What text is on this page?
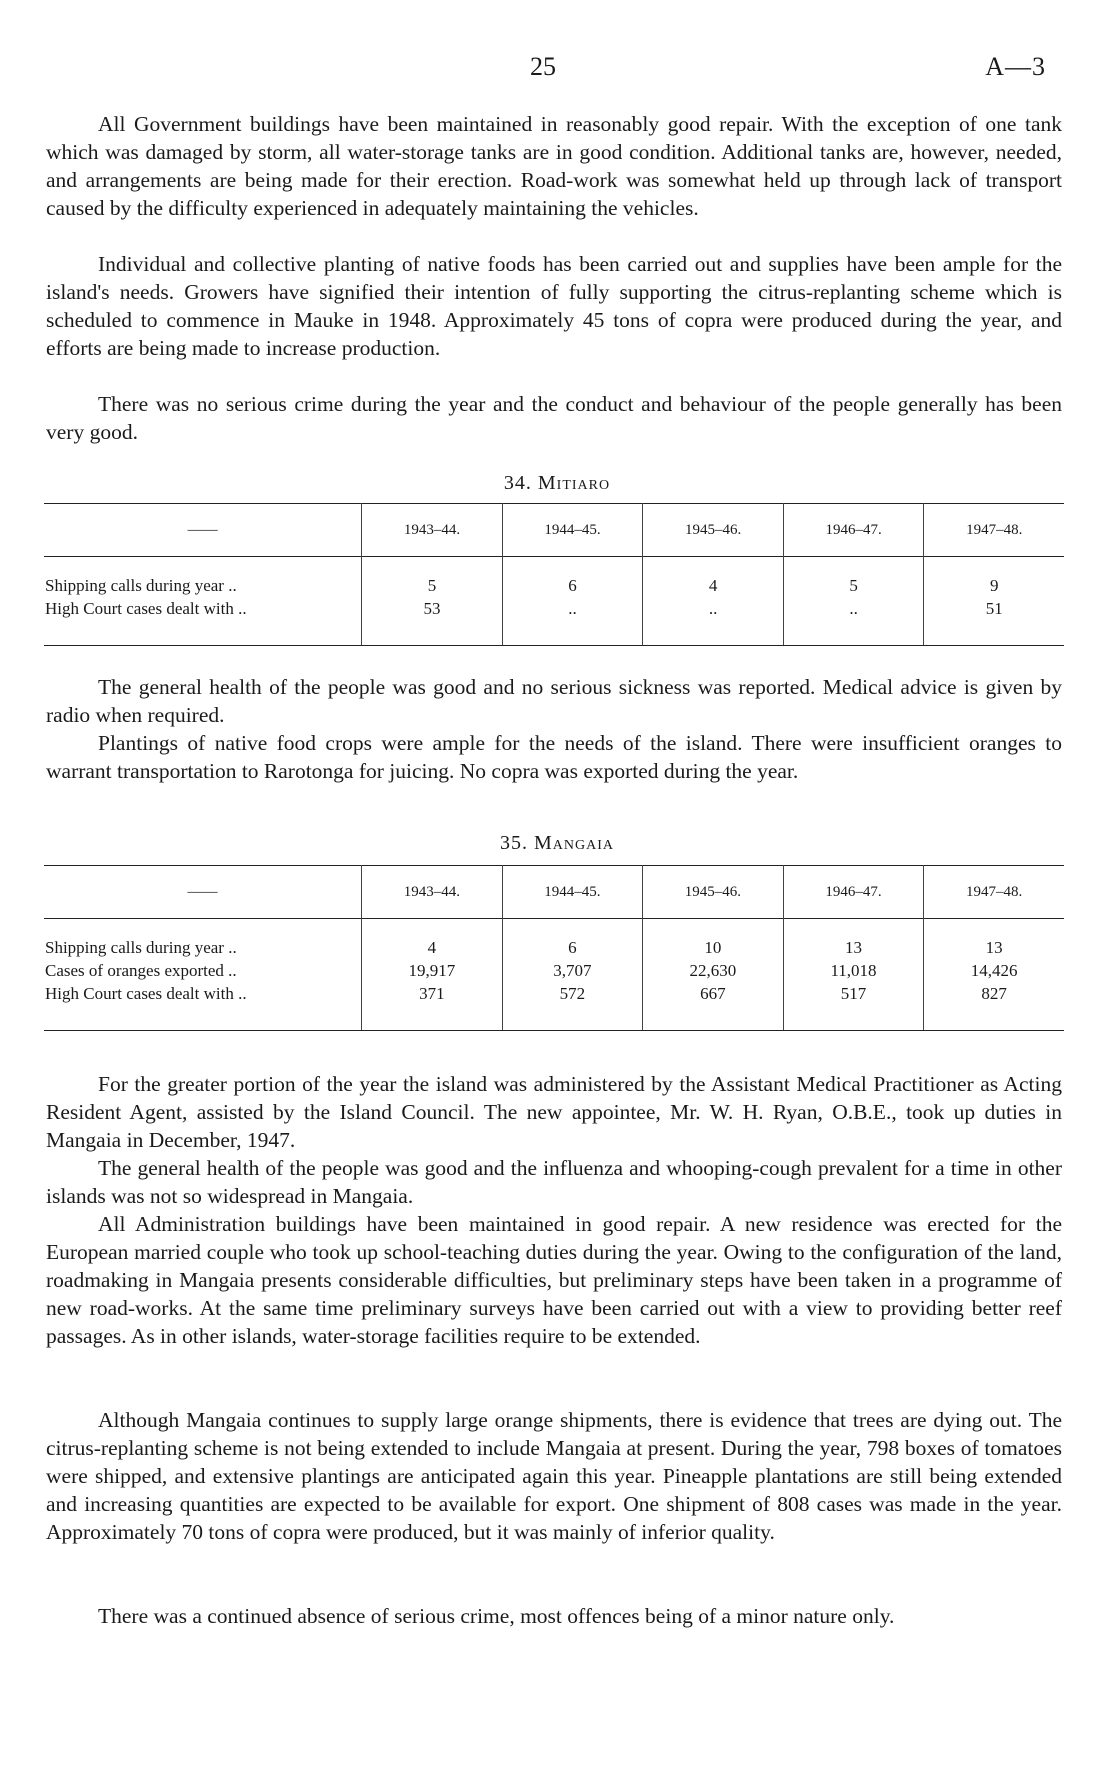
25	A—3

All Government buildings have been maintained in reasonably good repair. With the exception of one tank which was damaged by storm, all water-storage tanks are in good condition. Additional tanks are, however, needed, and arrangements are being made for their erection. Road-work was somewhat held up through lack of transport caused by the difficulty experienced in adequately maintaining the vehicles.

Individual and collective planting of native foods has been carried out and supplies have been ample for the island's needs. Growers have signified their intention of fully supporting the citrus-replanting scheme which is scheduled to commence in Mauke in 1948. Approximately 45 tons of copra were produced during the year, and efforts are being made to increase production.

There was no serious crime during the year and the conduct and behaviour of the people generally has been very good.

34. Mitiaro
——	1943–44.	1944–45.	1945–46.	1946–47.	1947–48.
Shipping calls during year ..	5	6	4	5	9
High Court cases dealt with ..	53	..	..	..	51

The general health of the people was good and no serious sickness was reported. Medical advice is given by radio when required.

Plantings of native food crops were ample for the needs of the island. There were insufficient oranges to warrant transportation to Rarotonga for juicing. No copra was exported during the year.

35. Mangaia
——	1943–44.	1944–45.	1945–46.	1946–47.	1947–48.
Shipping calls during year ..	4	6	10	13	13
Cases of oranges exported ..	19,917	3,707	22,630	11,018	14,426
High Court cases dealt with ..	371	572	667	517	827

For the greater portion of the year the island was administered by the Assistant Medical Practitioner as Acting Resident Agent, assisted by the Island Council. The new appointee, Mr. W. H. Ryan, O.B.E., took up duties in Mangaia in December, 1947.

The general health of the people was good and the influenza and whooping-cough prevalent for a time in other islands was not so widespread in Mangaia.

All Administration buildings have been maintained in good repair. A new residence was erected for the European married couple who took up school-teaching duties during the year. Owing to the configuration of the land, roadmaking in Mangaia presents considerable difficulties, but preliminary steps have been taken in a programme of new road-works. At the same time preliminary surveys have been carried out with a view to providing better reef passages. As in other islands, water-storage facilities require to be extended.

Although Mangaia continues to supply large orange shipments, there is evidence that trees are dying out. The citrus-replanting scheme is not being extended to include Mangaia at present. During the year, 798 boxes of tomatoes were shipped, and extensive plantings are anticipated again this year. Pineapple plantations are still being extended and increasing quantities are expected to be available for export. One shipment of 808 cases was made in the year. Approximately 70 tons of copra were produced, but it was mainly of inferior quality.

There was a continued absence of serious crime, most offences being of a minor nature only.
